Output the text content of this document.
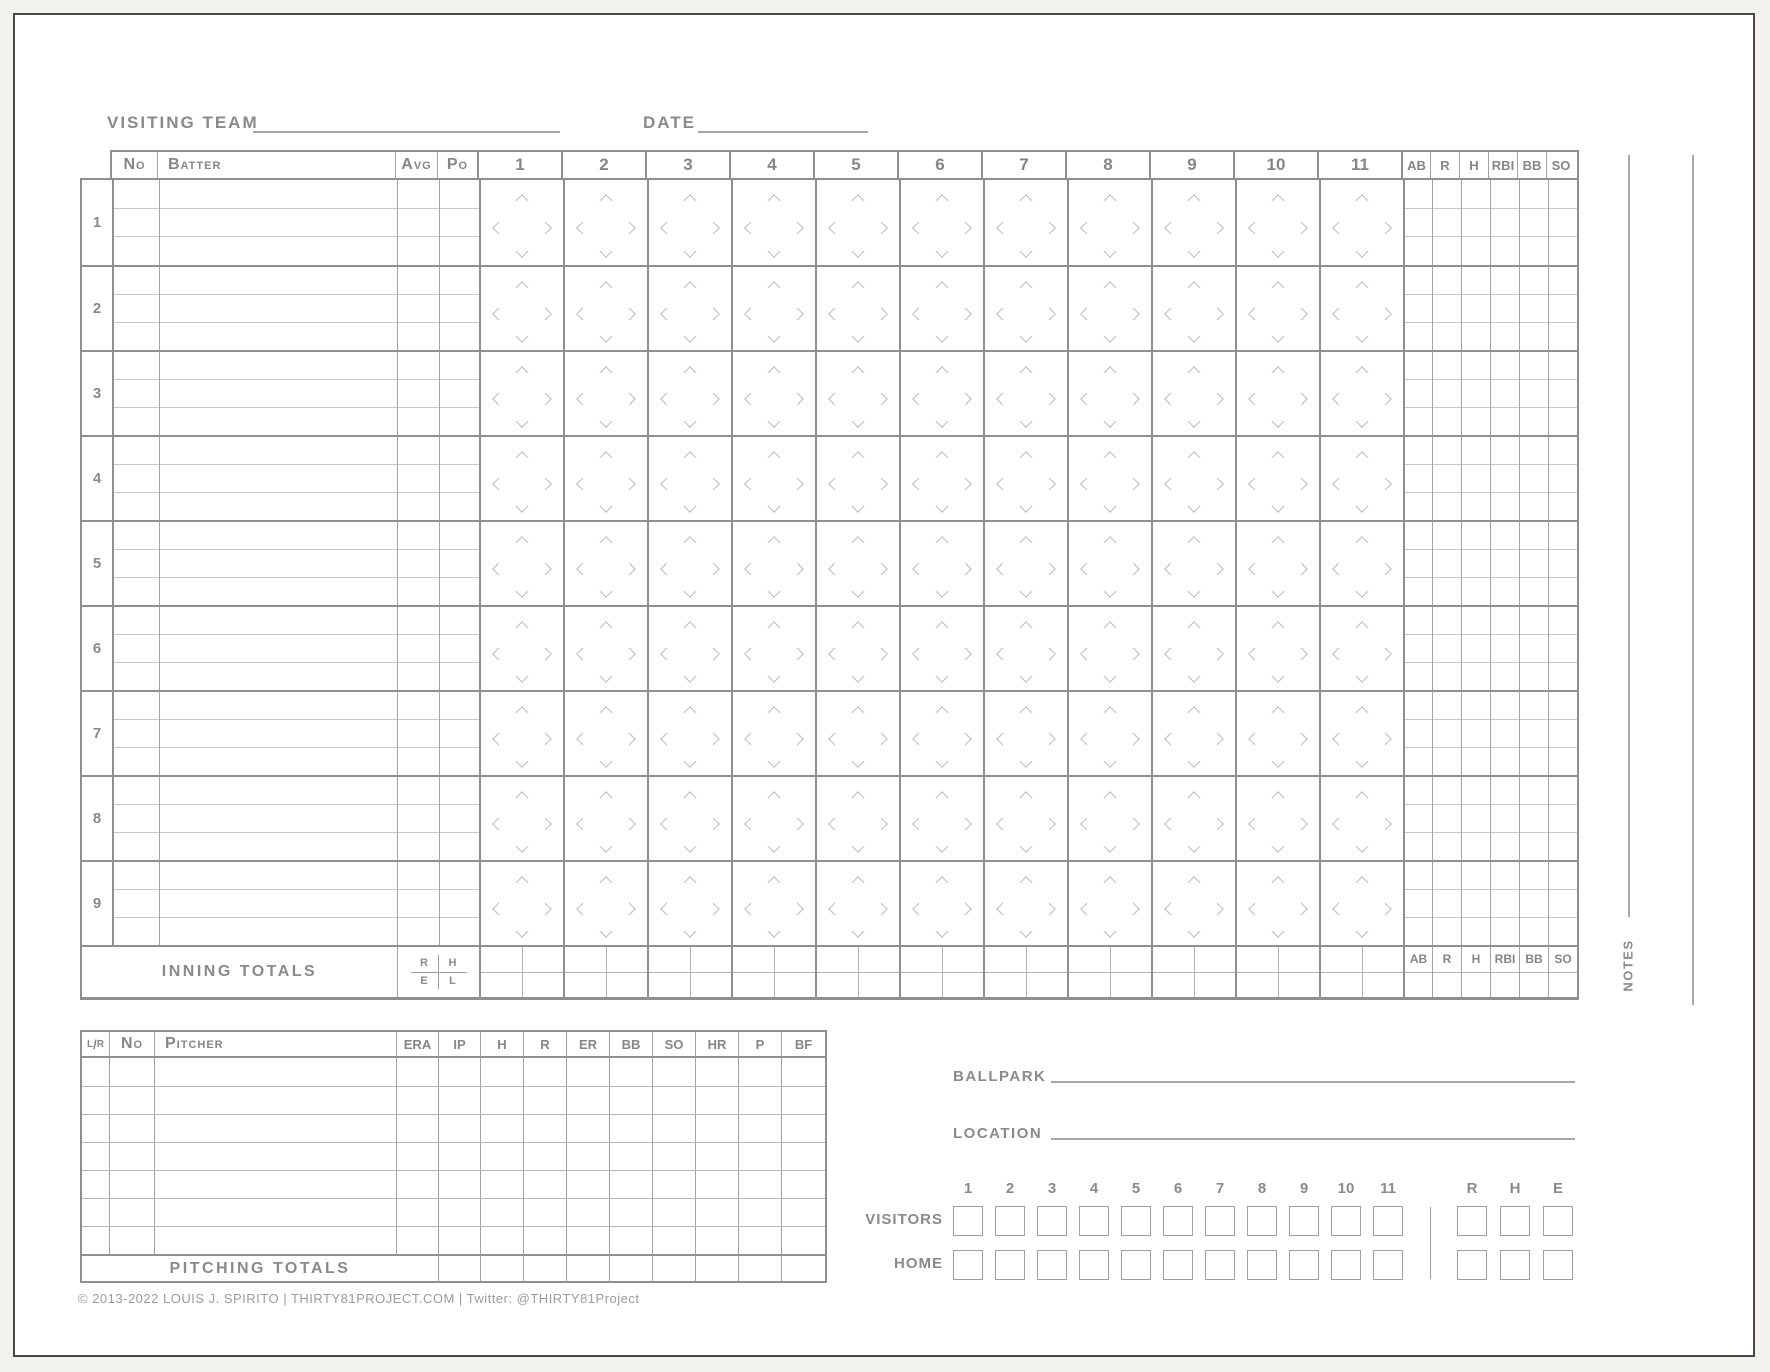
VISITING TEAM	DATE
No	Batter	Avg Po	1	2	3	4	5	6	7	8	9	10	11	AB	R	H	RBI BB SO
1
2
3
4
5
6
7
8
9
INNING TOTALS	R	H
E	L
AB	R	H	RBI BB SO	NOTES
L / R	No	Pitcher	ERA	IP	H	R	ER	BB	SO	HR	P	BF
PITCHING TOTALS
© 2013-2022 LOUIS J. SPIRITO | THIRTY81PROJECT.COM | Twitter: @THIRTY81Project
BALLPARK
LOCATION
1	2	3	4	5	6	7	8	9	10	11	R	H	E
VISITORS
HOME
